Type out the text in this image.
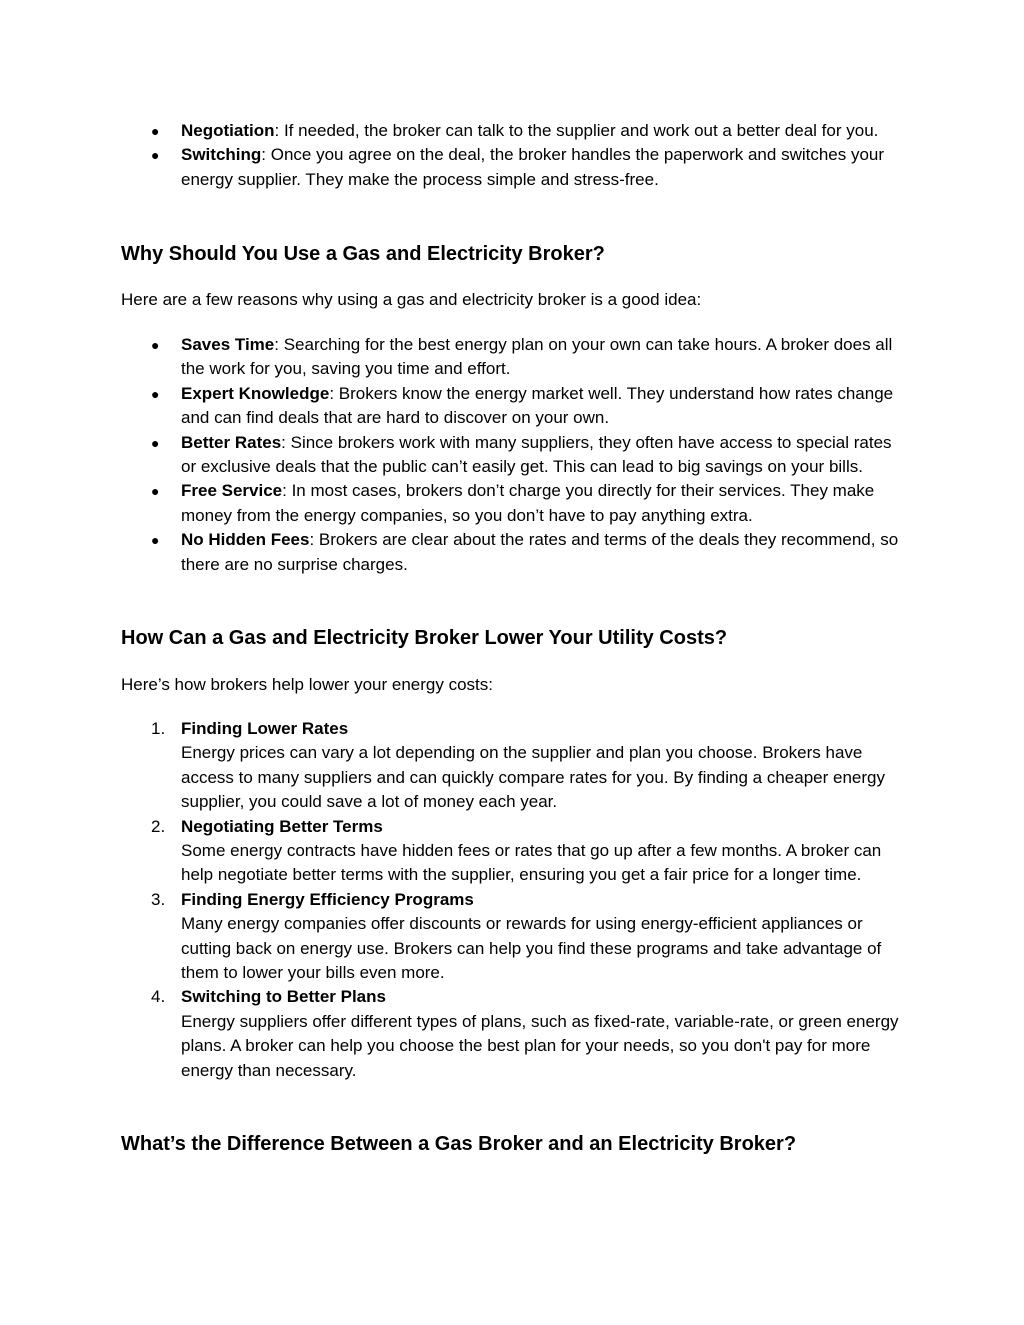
● Negotiation: If needed, the broker can talk to the supplier and work out a better deal for you.
● Switching: Once you agree on the deal, the broker handles the paperwork and switches your energy supplier. They make the process simple and stress-free.
Why Should You Use a Gas and Electricity Broker?

Here are a few reasons why using a gas and electricity broker is a good idea:

● Saves Time: Searching for the best energy plan on your own can take hours. A broker does all the work for you, saving you time and effort.
● Expert Knowledge: Brokers know the energy market well. They understand how rates change and can find deals that are hard to discover on your own.
● Better Rates: Since brokers work with many suppliers, they often have access to special rates or exclusive deals that the public can’t easily get. This can lead to big savings on your bills.
● Free Service: In most cases, brokers don’t charge you directly for their services. They make money from the energy companies, so you don’t have to pay anything extra.
● No Hidden Fees: Brokers are clear about the rates and terms of the deals they recommend, so there are no surprise charges.
How Can a Gas and Electricity Broker Lower Your Utility Costs?

Here’s how brokers help lower your energy costs:

1. Finding Lower Rates
Energy prices can vary a lot depending on the supplier and plan you choose. Brokers have access to many suppliers and can quickly compare rates for you. By finding a cheaper energy supplier, you could save a lot of money each year.
2. Negotiating Better Terms
Some energy contracts have hidden fees or rates that go up after a few months. A broker can help negotiate better terms with the supplier, ensuring you get a fair price for a longer time.
3. Finding Energy Efficiency Programs
Many energy companies offer discounts or rewards for using energy-efficient appliances or cutting back on energy use. Brokers can help you find these programs and take advantage of them to lower your bills even more.
4. Switching to Better Plans
Energy suppliers offer different types of plans, such as fixed-rate, variable-rate, or green energy plans. A broker can help you choose the best plan for your needs, so you don't pay for more energy than necessary.
What’s the Difference Between a Gas Broker and an Electricity Broker?
